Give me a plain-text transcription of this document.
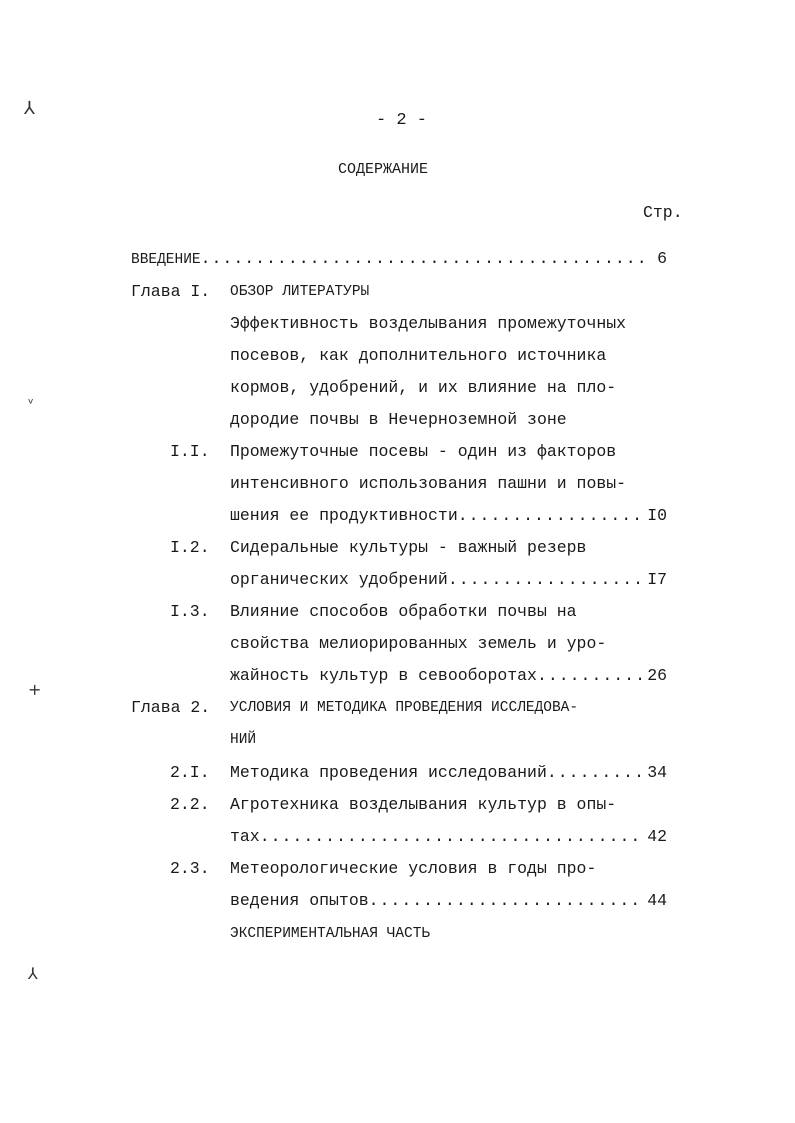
⅄
ᵛ
+
⅄
- 2 -
СОДЕРЖАНИЕ
Стр.
ВВЕДЕНИЕ .....	6
Глава I. ОБЗОР ЛИТЕРАТУРЫ
Эффективность возделывания промежуточных
посевов, как дополнительного источника
кормов, удобрений, и их влияние на пло-
дородие почвы в Нечерноземной зоне
I.I. Промежуточные посевы - один из факторов
интенсивного использования пашни и повы-
шения ее продуктивности .....	I0
I.2. Сидеральные культуры - важный резерв
органических удобрений .....	I7
I.3. Влияние способов обработки почвы на
свойства мелиорированных земель и уро-
жайность культур в севооборотах .....	26
Глава 2. УСЛОВИЯ И МЕТОДИКА ПРОВЕДЕНИЯ ИССЛЕДОВА-
НИЙ
2.I. Методика проведения исследований .....	34
2.2. Агротехника возделывания культур в опы-
тах .....	42
2.3. Метеорологические условия в годы про-
ведения опытов .....	44
ЭКСПЕРИМЕНТАЛЬНАЯ ЧАСТЬ
